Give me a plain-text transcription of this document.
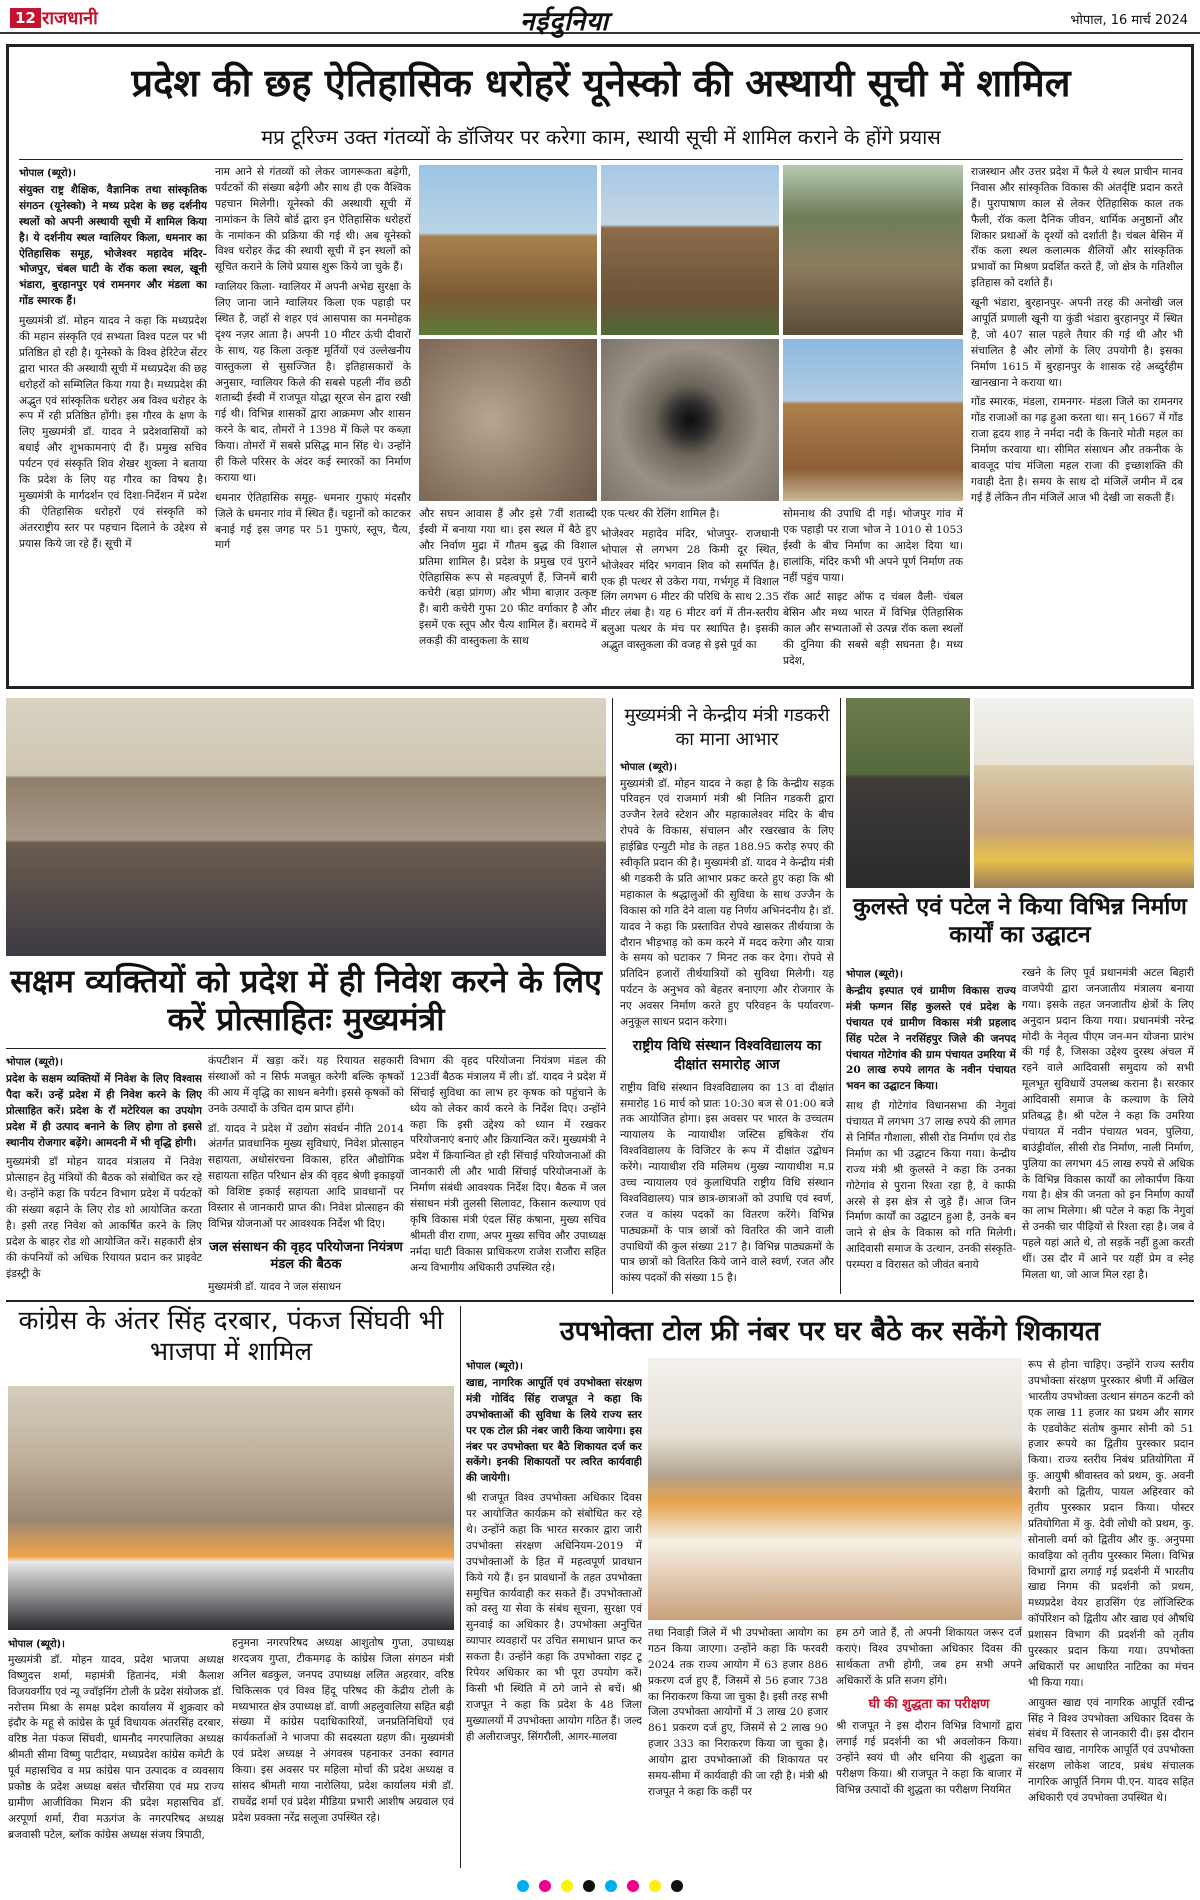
12 राजधानी	नईदुनिया	भोपाल, 16 मार्च 2024
प्रदेश की छह ऐतिहासिक धरोहरें यूनेस्को की अस्थायी सूची में शामिल
मप्र टूरिज्म उक्त गंतव्यों के डॉजियर पर करेगा काम, स्थायी सूची में शामिल कराने के होंगे प्रयास
भोपाल (ब्यूरो)।

संयुक्त राष्ट्र शैक्षिक, वैज्ञानिक तथा सांस्कृतिक संगठन (यूनेस्को) ने मध्य प्रदेश के छह दर्शनीय स्थलों को अपनी अस्थायी सूची में शामिल किया है। ये दर्शनीय स्थल ग्वालियर किला, धमनार का ऐतिहासिक समूह, भोजेश्वर महादेव मंदिर-भोजपुर, चंबल घाटी के रॉक कला स्थल, खूनी भंडारा, बुरहानपुर एवं रामनगर और मंडला का गोंड स्मारक हैं।

मुख्यमंत्री डॉ. मोहन यादव ने कहा कि मध्यप्रदेश की महान संस्कृति एवं सभ्यता विश्व पटल पर भी प्रतिष्ठित हो रही है। यूनेस्को के विश्व हेरिटेज सेंटर द्वारा भारत की अस्थायी सूची में मध्यप्रदेश की छह धरोहरों को सम्मिलित किया गया है। मध्यप्रदेश की अद्भुत एवं सांस्कृतिक धरोहर अब विश्व धरोहर के रूप में रही प्रतिष्ठित होंगी। इस गौरव के क्षण के लिए मुख्यमंत्री डॉ. यादव ने प्रदेशवासियों को बधाई और शुभकामनाएं दी हैं। प्रमुख सचिव पर्यटन एवं संस्कृति शिव शेखर शुक्ला ने बताया कि प्रदेश के लिए यह गौरव का विषय है। मुख्यमंत्री के मार्गदर्शन एवं दिशा-निर्देशन में प्रदेश की ऐतिहासिक धरोहरों एवं संस्कृति को अंतरराष्ट्रीय स्तर पर पहचान दिलाने के उद्देश्य से प्रयास किये जा रहे हैं। सूची में

नाम आने से गंतव्यों को लेकर जागरूकता बढ़ेगी, पर्यटकों की संख्या बढ़ेगी और साथ ही एक वैश्विक पहचान मिलेगी। यूनेस्को की अस्थायी सूची में नामांकन के लिये बोर्ड द्वारा इन ऐतिहासिक धरोहरों के नामांकन की प्रक्रिया की गई थी। अब यूनेस्को विश्व धरोहर केंद्र की स्थायी सूची में इन स्थलों को सूचित कराने के लिये प्रयास शुरू किये जा चुके हैं।

ग्वालियर किला- ग्वालियर में अपनी अभेद्य सुरक्षा के लिए जाना जाने ग्वालियर किला एक पहाड़ी पर स्थित है, जहाँ से शहर एवं आसपास का मनमोहक दृश्य नज़र आता है। अपनी 10 मीटर ऊंची दीवारों के साथ, यह किला उत्कृष्ट मूर्तियों एवं उल्लेखनीय वास्तुकला से सुसज्जित है। इतिहासकारों के अनुसार, ग्वालियर किले की सबसे पहली नींव छठी शताब्दी ईस्वी में राजपूत योद्धा सूरज सेन द्वारा रखी गई थी। विभिन्न शासकों द्वारा आक्रमण और शासन करने के बाद, तोमरों ने 1398 में किले पर कब्ज़ा किया। तोमरों में सबसे प्रसिद्ध मान सिंह थे। उन्होंने ही किले परिसर के अंदर कई स्मारकों का निर्माण कराया था।

धमनार ऐतिहासिक समूह- धमनार गुफाएं मंदसौर जिले के धमनार गांव में स्थित हैं। चट्टानों को काटकर बनाई गई इस जगह पर 51 गुफाएं, स्तूप, चैत्य, मार्ग

और सघन आवास हैं और इसे 7वीं शताब्दी ईस्वी में बनाया गया था। इस स्थल में बैठे हुए और निर्वाण मुद्रा में गौतम बुद्ध की विशाल प्रतिमा शामिल है। प्रदेश के प्रमुख एवं पुराने ऐतिहासिक रूप से महत्वपूर्ण हैं, जिनमें बारी कचेरी (बड़ा प्रांगण) और भीमा बाज़ार उत्कृष्ट हैं। बारी कचेरी गुफा 20 फीट वर्गाकार है और इसमें एक स्तूप और चैत्य शामिल हैं। बरामदे में लकड़ी की वास्तुकला के साथ

एक पत्थर की रेलिंग शामिल है।

भोजेश्वर महादेव मंदिर, भोजपुर- राजधानी भोपाल से लगभग 28 किमी दूर स्थित, भोजेश्वर मंदिर भगवान शिव को समर्पित है। एक ही पत्थर से उकेरा गया, गर्भगृह में विशाल लिंग लगभग 6 मीटर की परिधि के साथ 2.35 मीटर लंबा है। यह 6 मीटर वर्ग में तीन-स्तरीय बलुआ पत्थर के मंच पर स्थापित है। इसकी अद्भुत वास्तुकला की वजह से इसे पूर्व का

सोमनाथ की उपाधि दी गई। भोजपुर गांव में एक पहाड़ी पर राजा भोज ने 1010 से 1053 ईस्वी के बीच निर्माण का आदेश दिया था। हालांकि, मंदिर कभी भी अपने पूर्ण निर्माण तक नहीं पहुंच पाया।

रॉक आर्ट साइट ऑफ द चंबल वैली- चंबल बेसिन और मध्य भारत में विभिन्न ऐतिहासिक काल और सभ्यताओं से उत्पन्न रॉक कला स्थलों की दुनिया की सबसे बड़ी सघनता है। मध्य प्रदेश,

राजस्थान और उत्तर प्रदेश में फैले ये स्थल प्राचीन मानव निवास और सांस्कृतिक विकास की अंतर्दृष्टि प्रदान करते हैं। पुरापाषाण काल से लेकर ऐतिहासिक काल तक फैली, रॉक कला दैनिक जीवन, धार्मिक अनुष्ठानों और शिकार प्रथाओं के दृश्यों को दर्शाती है। चंबल बेसिन में रॉक कला स्थल कलात्मक शैलियों और सांस्कृतिक प्रभावों का मिश्रण प्रदर्शित करते हैं, जो क्षेत्र के गतिशील इतिहास को दर्शाते हैं।

खूनी भंडारा, बुरहानपुर- अपनी तरह की अनोखी जल आपूर्ति प्रणाली खूनी या कुंडी भंडारा बुरहानपुर में स्थित है, जो 407 साल पहले तैयार की गई थी और भी संचालित है और लोगों के लिए उपयोगी है। इसका निर्माण 1615 में बुरहानपुर के शासक रहे अब्दुर्रहीम खानखाना ने कराया था।

गोंड स्मारक, मंडला, रामनगर- मंडला जिले का रामनगर गोंड राजाओं का गढ़ हुआ करता था। सन् 1667 में गोंड राजा हृदय शाह ने नर्मदा नदी के किनारे मोती महल का निर्माण करवाया था। सीमित संसाधन और तकनीक के बावजूद पांच मंजिला महल राजा की इच्छाशक्ति की गवाही देता है। समय के साथ दो मंजिलें जमीन में दब गई हैं लेकिन तीन मंजिलें आज भी देखी जा सकती हैं।

सक्षम व्यक्तियों को प्रदेश में ही निवेश करने के लिए करें प्रोत्साहितः मुख्यमंत्री
भोपाल (ब्यूरो)।

प्रदेश के सक्षम व्यक्तियों में निवेश के लिए विश्वास पैदा करें। उन्हें प्रदेश में ही निवेश करने के लिए प्रोत्साहित करें। प्रदेश के रॉ मटेरियल का उपयोग प्रदेश में ही उत्पाद बनाने के लिए होगा तो इससे स्थानीय रोजगार बढ़ेंगे। आमदनी में भी वृद्धि होगी।

मुख्यमंत्री डॉ मोहन यादव मंत्रालय में निवेश प्रोत्साहन हेतु मंत्रियों की बैठक को संबोधित कर रहे थे। उन्होंने कहा कि पर्यटन विभाग प्रदेश में पर्यटकों की संख्या बढ़ाने के लिए रोड शो आयोजित करता है। इसी तरह निवेश को आकर्षित करने के लिए प्रदेश के बाहर रोड शो आयोजित करें। सहकारी क्षेत्र की कंपनियों को अधिक रियायत प्रदान कर प्राइवेट इंडस्ट्री के

कंपटीशन में खड़ा करें। यह रियायत सहकारी संस्थाओं को न सिर्फ मजबूत करेगी बल्कि कृषकों की आय में वृद्धि का साधन बनेगी। इससे कृषकों को उनके उत्पादों के उचित दाम प्राप्त होंगे।

डॉ. यादव ने प्रदेश में उद्योग संवर्धन नीति 2014 अंतर्गत प्रावधानिक मुख्य सुविधाएं, निवेश प्रोत्साहन सहायता, अधोसंरचना विकास, हरित औद्योगिक सहायता सहित परिधान क्षेत्र की वृहद श्रेणी इकाइयों को विशिष्ट इकाई सहायता आदि प्रावधानों पर विस्तार से जानकारी प्राप्त की। निवेश प्रोत्साहन की विभिन्न योजनाओं पर आवश्यक निर्देश भी दिए।

जल संसाधन की वृहद परियोजना नियंत्रण मंडल की बैठक

मुख्यमंत्री डॉ. यादव ने जल संसाधन

विभाग की वृहद परियोजना नियंत्रण मंडल की 123वीं बैठक मंत्रालय में ली। डॉ. यादव ने प्रदेश में सिंचाई सुविधा का लाभ हर कृषक को पहुंचाने के ध्येय को लेकर कार्य करने के निर्देश दिए। उन्होंने कहा कि इसी उद्देश्य को ध्यान में रखकर परियोजनाएं बनाएं और क्रियान्वित करें। मुख्यमंत्री ने प्रदेश में क्रियान्वित हो रही सिंचाई परियोजनाओं की जानकारी ली और भावी सिंचाई परियोजनाओं के निर्माण संबंधी आवश्यक निर्देश दिए। बैठक में जल संसाधन मंत्री तुलसी सिलावट, किसान कल्याण एवं कृषि विकास मंत्री एंदल सिंह कंषाना, मुख्य सचिव श्रीमती वीरा राणा, अपर मुख्य सचिव और उपाध्यक्ष नर्मदा घाटी विकास प्राधिकरण राजेश राजौरा सहित अन्य विभागीय अधिकारी उपस्थित रहे।

मुख्यमंत्री ने केन्द्रीय मंत्री गडकरी का माना आभार
भोपाल (ब्यूरो)।

मुख्यमंत्री डॉ. मोहन यादव ने कहा है कि केन्द्रीय सड़क परिवहन एवं राजमार्ग मंत्री श्री नितिन गडकरी द्वारा उज्जैन रेलवे स्टेशन और महाकालेश्वर मंदिर के बीच रोपवे के विकास, संचालन और रखरखाव के लिए हाईब्रिड एन्युटी मोड के तहत 188.95 करोड़ रुपए की स्वीकृति प्रदान की है। मुख्यमंत्री डॉ. यादव ने केन्द्रीय मंत्री श्री गडकरी के प्रति आभार प्रकट करते हुए कहा कि श्री महाकाल के श्रद्धालुओं की सुविधा के साथ उज्जैन के विकास को गति देने वाला यह निर्णय अभिनंदनीय है। डॉ. यादव ने कहा कि प्रस्तावित रोपवे खासकर तीर्थयात्रा के दौरान भीड़भाड़ को कम करने में मदद करेगा और यात्रा के समय को घटाकर 7 मिनट तक कर देगा। रोपवे से प्रतिदिन हजारों तीर्थयात्रियों को सुविधा मिलेगी। यह पर्यटन के अनुभव को बेहतर बनाएगा और रोजगार के नए अवसर निर्माण करते हुए परिवहन के पर्यावरण-अनुकूल साधन प्रदान करेगा।

राष्ट्रीय विधि संस्थान विश्वविद्यालय का दीक्षांत समारोह आज

राष्ट्रीय विधि संस्थान विश्वविद्यालय का 13 वां दीक्षांत समारोह 16 मार्च को प्रातः 10:30 बज से 01:00 बजे तक आयोजित होगा। इस अवसर पर भारत के उच्चतम न्यायालय के न्यायाधीश जस्टिस हृषिकेश रॉय विश्वविद्यालय के विजिटर के रूप में दीक्षांत उद्बोधन करेंगे। न्यायाधीश रवि मलिमथ (मुख्य न्यायाधीश म.प्र उच्च न्यायालय एवं कुलाधिपति राष्ट्रीय विधि संस्थान विश्वविद्यालय) पात्र छात्र-छात्राओं को उपाधि एवं स्वर्ण, रजत व कांस्य पदकों का वितरण करेंगे। विभिन्न पाठ्यक्रमों के पात्र छात्रों को वितरित की जाने वाली उपाधियों की कुल संख्या 217 है। विभिन्न पाठ्यक्रमों के पात्र छात्रों को वितरित किये जाने वाले स्वर्ण, रजत और कांस्य पदकों की संख्या 15 है।

कुलस्ते एवं पटेल ने किया विभिन्न निर्माण कार्यों का उद्घाटन
भोपाल (ब्यूरो)।

केन्द्रीय इस्पात एवं ग्रामीण विकास राज्य मंत्री फग्गन सिंह कुलस्ते एवं प्रदेश के पंचायत एवं ग्रामीण विकास मंत्री प्रहलाद सिंह पटेल ने नरसिंहपुर जिले की जनपद पंचायत गोटेगांव की ग्राम पंचायत उमरिया में 20 लाख रुपये लागत के नवीन पंचायत भवन का उद्घाटन किया।

साथ ही गोटेगांव विधानसभा की नेगुवां पंचायत में लगभग 37 लाख रुपये की लागत से निर्मित गौशाला, सीसी रोड निर्माण एवं रोड निर्माण का भी उद्घाटन किया गया। केन्द्रीय राज्य मंत्री श्री कुलस्ते ने कहा कि उनका गोटेगांव से पुराना रिश्ता रहा है, वे काफी अरसे से इस क्षेत्र से जुड़े हैं। आज जिन निर्माण कार्यों का उद्घाटन हुआ है, उनके बन जाने से क्षेत्र के विकास को गति मिलेगी। आदिवासी समाज के उत्थान, उनकी संस्कृति-परम्परा व विरासत को जीवंत बनाये

रखने के लिए पूर्व प्रधानमंत्री अटल बिहारी वाजपेयी द्वारा जनजातीय मंत्रालय बनाया गया। इसके तहत जनजातीय क्षेत्रों के लिए अनुदान प्रदान किया गया। प्रधानमंत्री नरेन्द्र मोदी के नेतृत्व पीएम जन-मन योजना प्रारंभ की गई है, जिसका उद्देश्य दुरस्थ अंचल में रहने वाले आदिवासी समुदाय को सभी मूलभूत सुविधायें उपलब्ध कराना है। सरकार आदिवासी समाज के कल्याण के लिये प्रतिबद्ध है। श्री पटेल ने कहा कि उमरिया पंचायत में नवीन पंचायत भवन, पुलिया, बाउंड्रीवॉल, सीसी रोड निर्माण, नाली निर्माण, पुलिया का लगभग 45 लाख रुपये से अधिक के विभिन्न विकास कार्यों का लोकार्पण किया गया है। क्षेत्र की जनता को इन निर्माण कार्यों का लाभ मिलेगा। श्री पटेल ने कहा कि नेगुवां से उनकी चार पीढ़ियों से रिश्ता रहा है। जब वे पहले यहां आते थे, तो सड़कें नहीं हुआ करती थीं। उस दौर में आने पर यहीं प्रेम व स्नेह मिलता था, जो आज मिल रहा है।

कांग्रेस के अंतर सिंह दरबार, पंकज सिंघवी भी भाजपा में शामिल
भोपाल (ब्यूरो)।

मुख्यमंत्री डॉ. मोहन यादव, प्रदेश भाजपा अध्यक्ष विष्णुदत्त शर्मा, महामंत्री हितानंद, मंत्री कैलाश विजयवर्गीय एवं न्यू ज्वॉइनिंग टोली के प्रदेश संयोजक डॉ. नरोत्तम मिश्रा के समक्ष प्रदेश कार्यालय में शुक्रवार को इंदौर के महू से कांग्रेस के पूर्व विधायक अंतरसिंह दरबार, वरिष्ठ नेता पंकज सिंघवी, धामनौद नगरपालिका अध्यक्ष श्रीमती सीमा विष्णु पाटीदार, मध्यप्रदेश कांग्रेस कमेटी के पूर्व महासचिव व मप्र कांग्रेस पान उत्पादक व व्यवसाय प्रकोष्ठ के प्रदेश अध्यक्ष बसंत चौरसिया एवं मप्र राज्य ग्रामीण आजीविका मिशन की प्रदेश महासचिव डॉ. अरपूर्णा शर्मा, रीवा मऊगंज के नगरपरिषद अध्यक्ष ब्रजवासी पटेल, ब्लॉक कांग्रेस अध्यक्ष संजय त्रिपाठी,

हनुमना नगरपरिषद अध्यक्ष आशुतोष गुप्ता, उपाध्यक्ष शरदजय गुप्ता, टीकमगढ़ के कांग्रेस जिला संगठन मंत्री अनिल बडकुल, जनपद उपाध्यक्ष ललित अहरवार, वरिष्ठ चिकित्सक एवं विश्व हिंदू परिषद की केंद्रीय टोली के मध्यभारत क्षेत्र उपाध्यक्ष डॉ. वाणी अहलुवालिया सहित बड़ी संख्या में कांग्रेस पदाधिकारियों, जनप्रतिनिधियों एवं कार्यकर्ताओं ने भाजपा की सदस्यता ग्रहण की। मुख्यमंत्री एवं प्रदेश अध्यक्ष ने अंगवस्त्र पहनाकर उनका स्वागत किया। इस अवसर पर महिला मोर्चा की प्रदेश अध्यक्ष व सांसद श्रीमती माया नारोलिया, प्रदेश कार्यालय मंत्री डॉ. राघवेंद्र शर्मा एवं प्रदेश मीडिया प्रभारी आशीष अग्रवाल एवं प्रदेश प्रवक्ता नरेंद्र सलूजा उपस्थित रहे।

उपभोक्ता टोल फ्री नंबर पर घर बैठे कर सकेंगे शिकायत
भोपाल (ब्यूरो)।

खाद्य, नागरिक आपूर्ति एवं उपभोक्ता संरक्षण मंत्री गोविंद सिंह राजपूत ने कहा कि उपभोक्ताओं की सुविधा के लिये राज्य स्तर पर एक टोल फ्री नंबर जारी किया जायेगा। इस नंबर पर उपभोक्ता घर बैठे शिकायत दर्ज कर सकेंगे। इनकी शिकायतों पर त्वरित कार्यवाही की जायेगी।

श्री राजपूत विश्व उपभोक्ता अधिकार दिवस पर आयोजित कार्यक्रम को संबोधित कर रहे थे। उन्होंने कहा कि भारत सरकार द्वारा जारी उपभोक्ता संरक्षण अधिनियम-2019 में उपभोक्ताओं के हित में महत्वपूर्ण प्रावधान किये गये हैं। इन प्रावधानों के तहत उपभोक्ता समुचित कार्यवाही कर सकते हैं। उपभोक्ताओं को वस्तु या सेवा के संबंध सूचना, सुरक्षा एवं सुनवाई का अधिकार है। उपभोक्ता अनुचित व्यापार व्यवहारों पर उचित समाधान प्राप्त कर सकता है। उन्होंने कहा कि उपभोक्ता राइट टू रिपेयर अधिकार का भी पूरा उपयोग करें। किसी भी स्थिति में ठगे जाने से बचें। श्री राजपूत ने कहा कि प्रदेश के 48 जिला मुख्यालयों में उपभोक्ता आयोग गठित हैं। जल्द ही अलीराजपुर, सिंगरौली, आगर-मालवा

तथा निवाड़ी जिले में भी उपभोक्ता आयोग का गठन किया जाएगा। उन्होंने कहा कि फरवरी 2024 तक राज्य आयोग में 63 हजार 886 प्रकरण दर्ज हुए हैं, जिसमें से 56 हजार 738 का निराकरण किया जा चुका है। इसी तरह सभी जिला उपभोक्ता आयोगों में 3 लाख 20 हजार 861 प्रकरण दर्ज हुए, जिसमें से 2 लाख 90 हजार 333 का निराकरण किया जा चुका है। आयोग द्वारा उपभोक्ताओं की शिकायत पर समय-सीमा में कार्यवाही की जा रही है। मंत्री श्री राजपूत ने कहा कि कहीं पर

हम ठगे जाते हैं, तो अपनी शिकायत जरूर दर्ज कराएं। विश्व उपभोक्ता अधिकार दिवस की सार्थकता तभी होगी, जब हम सभी अपने अधिकारों के प्रति सजग होंगे।

घी की शुद्धता का परीक्षण

श्री राजपूत ने इस दौरान विभिन्न विभागों द्वारा लगाई गई प्रदर्शनी का भी अवलोकन किया। उन्होंने स्वयं घी और धनिया की शुद्धता का परीक्षण किया। श्री राजपूत ने कहा कि बाजार में विभिन्न उत्पादों की शुद्धता का परीक्षण नियमित

रूप से होना चाहिए। उन्होंने राज्य स्तरीय उपभोक्ता संरक्षण पुरस्कार श्रेणी में अखिल भारतीय उपभोक्ता उत्थान संगठन कटनी को एक लाख 11 हजार का प्रथम और सागर के एडवोकेट संतोष कुमार सोनी को 51 हजार रूपये का द्वितीय पुरस्कार प्रदान किया। राज्य स्तरीय निबंध प्रतियोगिता में कु. आयुषी श्रीवास्तव को प्रथम, कु. अवनी बैरागी को द्वितीय, पायल अहिरवार को तृतीय पुरस्कार प्रदान किया। पोस्टर प्रतियोगिता में कु. देवी लोधी को प्रथम, कु. सोनाली वर्मा को द्वितीय और कु. अनुपमा कावड़िया को तृतीय पुरस्कार मिला। विभिन्न विभागों द्वारा लगाई गई प्रदर्शनी में भारतीय खाद्य निगम की प्रदर्शनी को प्रथम, मध्यप्रदेश वेयर हाउसिंग एंड लॉजिस्टिक कॉर्पोरेशन को द्वितीय और खाद्य एवं औषधि प्रशासन विभाग की प्रदर्शनी को तृतीय पुरस्कार प्रदान किया गया। उपभोक्ता अधिकारों पर आधारित नाटिका का मंचन भी किया गया।

आयुक्त खाद्य एवं नागरिक आपूर्ति रवीन्द्र सिंह ने विश्व उपभोक्ता अधिकार दिवस के संबंध में विस्तार से जानकारी दी। इस दौरान सचिव खाद्य, नागरिक आपूर्ति एवं उपभोक्ता संरक्षण लोकेश जाटव, प्रबंध संचालक नागरिक आपूर्ति निगम पी.एन. यादव सहित अधिकारी एवं उपभोक्ता उपस्थित थे।
